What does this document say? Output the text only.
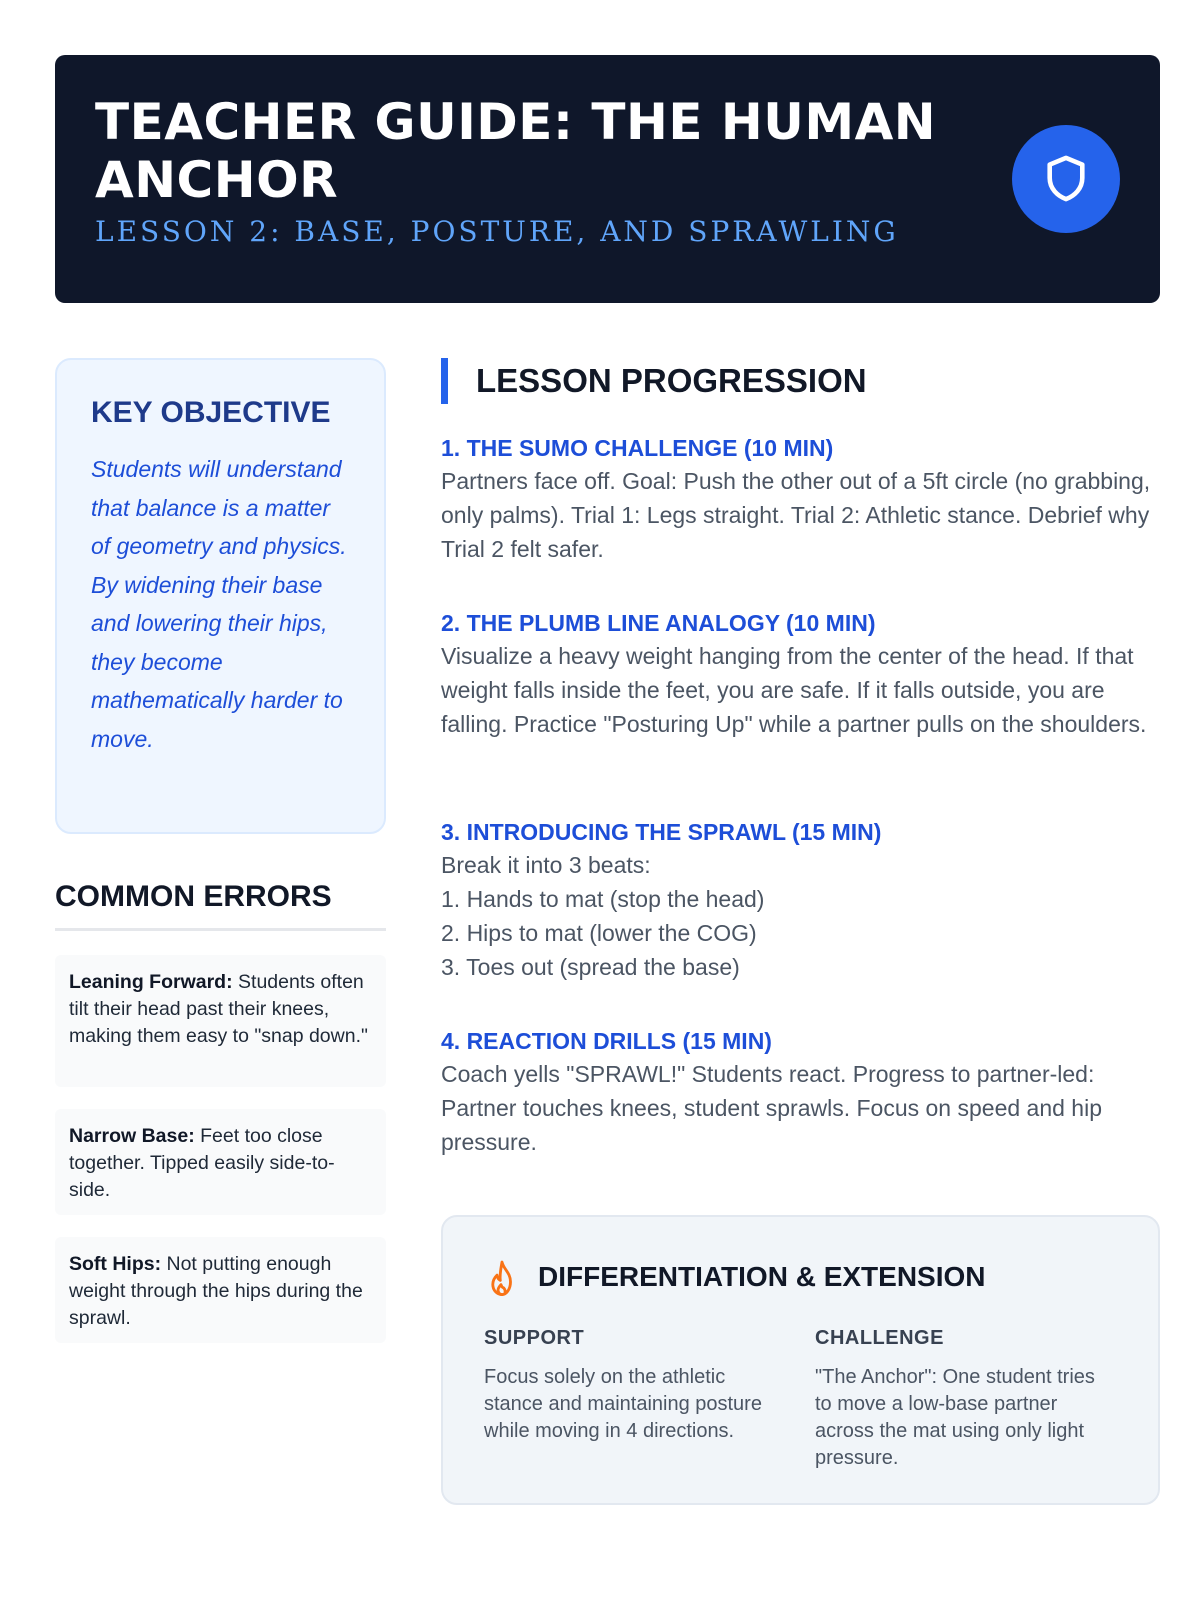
TEACHER GUIDE: THE HUMAN ANCHOR
LESSON 2: BASE, POSTURE, AND SPRAWLING
KEY OBJECTIVE
Students will understand that balance is a matter of geometry and physics. By widening their base and lowering their hips, they become mathematically harder to move.
COMMON ERRORS
Leaning Forward: Students often tilt their head past their knees, making them easy to "snap down."
Narrow Base: Feet too close together. Tipped easily side-to-side.
Soft Hips: Not putting enough weight through the hips during the sprawl.
LESSON PROGRESSION
1. THE SUMO CHALLENGE (10 MIN)
Partners face off. Goal: Push the other out of a 5ft circle (no grabbing, only palms). Trial 1: Legs straight. Trial 2: Athletic stance. Debrief why Trial 2 felt safer.
2. THE PLUMB LINE ANALOGY (10 MIN)
Visualize a heavy weight hanging from the center of the head. If that weight falls inside the feet, you are safe. If it falls outside, you are falling. Practice "Posturing Up" while a partner pulls on the shoulders.
3. INTRODUCING THE SPRAWL (15 MIN)
Break it into 3 beats:
1. Hands to mat (stop the head)
2. Hips to mat (lower the COG)
3. Toes out (spread the base)
4. REACTION DRILLS (15 MIN)
Coach yells "SPRAWL!" Students react. Progress to partner-led: Partner touches knees, student sprawls. Focus on speed and hip pressure.
DIFFERENTIATION & EXTENSION
SUPPORT
Focus solely on the athletic stance and maintaining posture while moving in 4 directions.
CHALLENGE
"The Anchor": One student tries to move a low-base partner across the mat using only light pressure.
